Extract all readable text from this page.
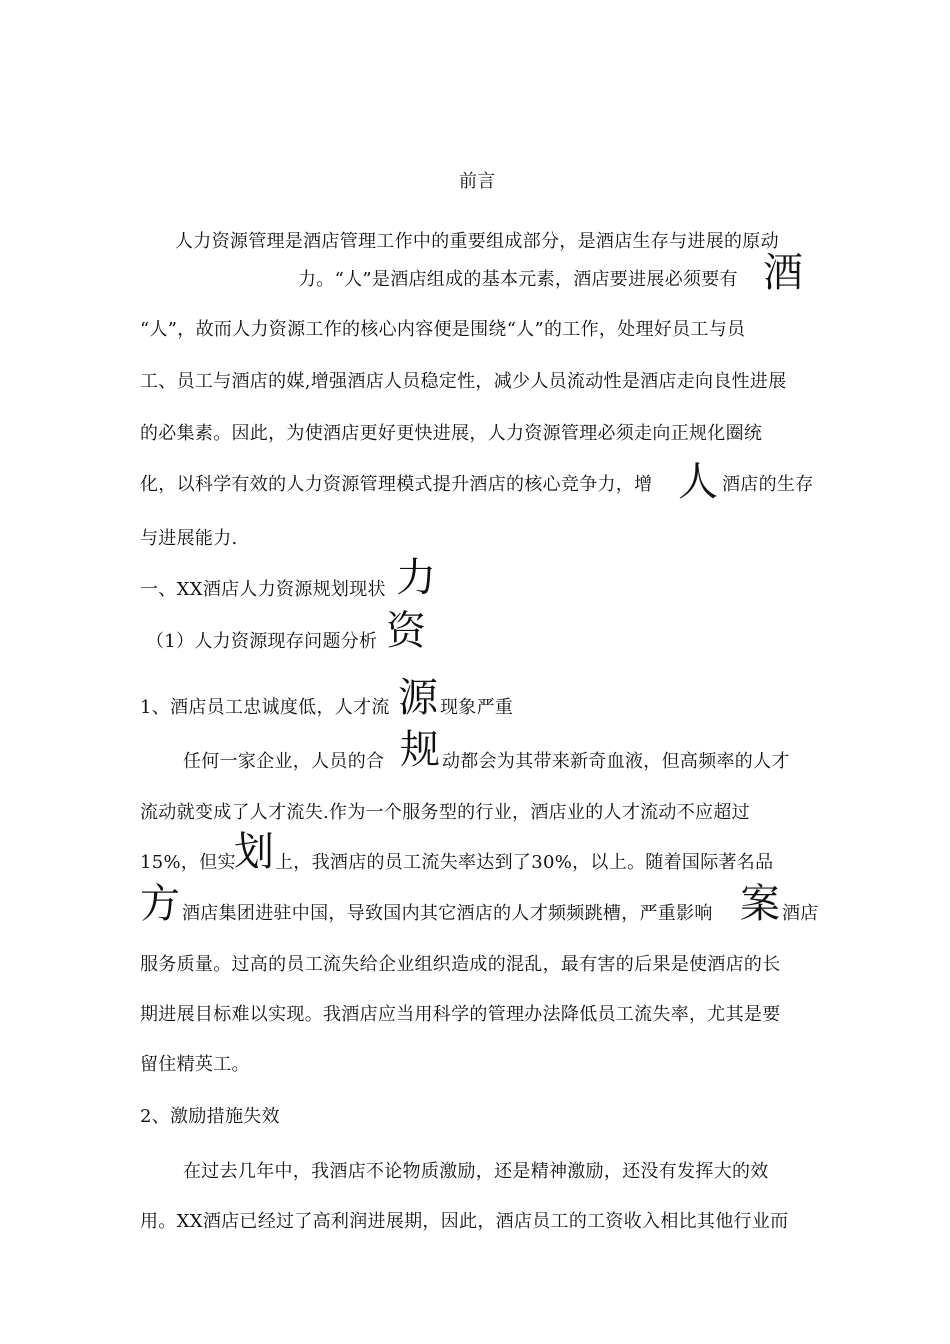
前言
人力资源管理是酒店管理工作中的重要组成部分，是酒店生存与进展的原动
力。“人”是酒店组成的基本元素，酒店要进展必须要有
“人”，故而人力资源工作的核心内容便是围绕“人”的工作，处理好员工与员
工、员工与酒店的媒,增强酒店人员稳定性，减少人员流动性是酒店走向良性进展
的必集素。因此，为使酒店更好更快进展，人力资源管理必须走向正规化圈统
化，以科学有效的人力资源管理模式提升酒店的核心竞争力，增	酒店的生存
与进展能力.
一、XX酒店人力资源规划现状
（1）人力资源现存问题分析
1、酒店员工忠诚度低，人才流	现象严重
任何一家企业，人员的合	动都会为其带来新奇血液，但高频率的人才
流动就变成了人才流失.作为一个服务型的行业，酒店业的人才流动不应超过
15%，但实 上，我酒店的员工流失率达到了30%，以上。随着国际著名品
酒店集团进驻中国，导致国内其它酒店的人才频频跳槽，严重影响	酒店
服务质量。过高的员工流失给企业组织造成的混乱，最有害的后果是使酒店的长
期进展目标难以实现。我酒店应当用科学的管理办法降低员工流失率，尤其是要
留住精英工。
2、激励措施失效
在过去几年中，我酒店不论物质激励，还是精神激励，还没有发挥大的效
用。XX酒店已经过了高利润进展期，因此，酒店员工的工资收入相比其他行业而
酒
人
力
资
源
规
划
方	案
